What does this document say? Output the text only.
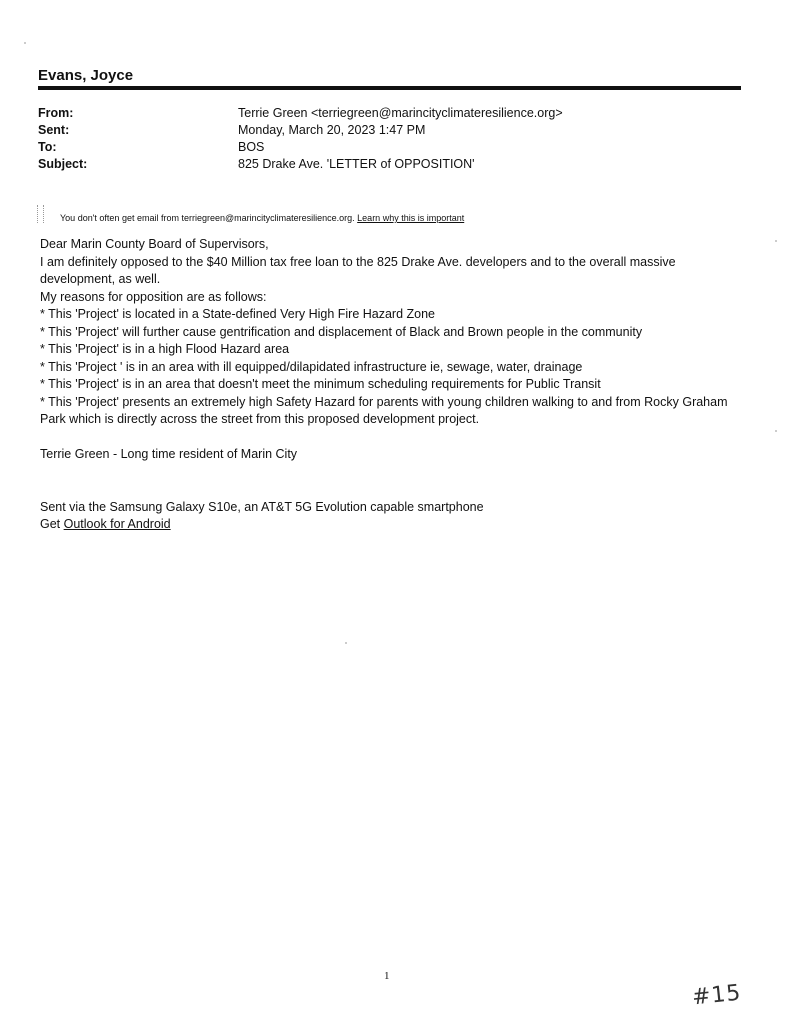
Evans, Joyce
From:	Terrie Green <terriegreen@marincityclimateresilience.org>
Sent:	Monday, March 20, 2023 1:47 PM
To:	BOS
Subject:	825 Drake Ave. 'LETTER of OPPOSITION'
You don't often get email from terriegreen@marincityclimateresilience.org. Learn why this is important

Dear Marin County Board of Supervisors,

I am definitely opposed to the $40 Million tax free loan to the 825 Drake Ave. developers and to the overall massive development, as well.

My reasons for opposition are as follows:

* This 'Project' is located in a State-defined Very High Fire Hazard Zone
* This 'Project' will further cause gentrification and displacement of Black and Brown people in the community
* This 'Project' is in a high Flood Hazard area
* This 'Project ' is in an area with ill equipped/dilapidated infrastructure ie, sewage, water, drainage
* This 'Project' is in an area that doesn't meet the minimum scheduling requirements for Public Transit
* This 'Project' presents an extremely high Safety Hazard for parents with young children walking to and from Rocky Graham Park which is directly across the street from this proposed development project.

Terrie Green - Long time resident of Marin City

Sent via the Samsung Galaxy S10e, an AT&T 5G Evolution capable smartphone

Get Outlook for Android

1
#15
